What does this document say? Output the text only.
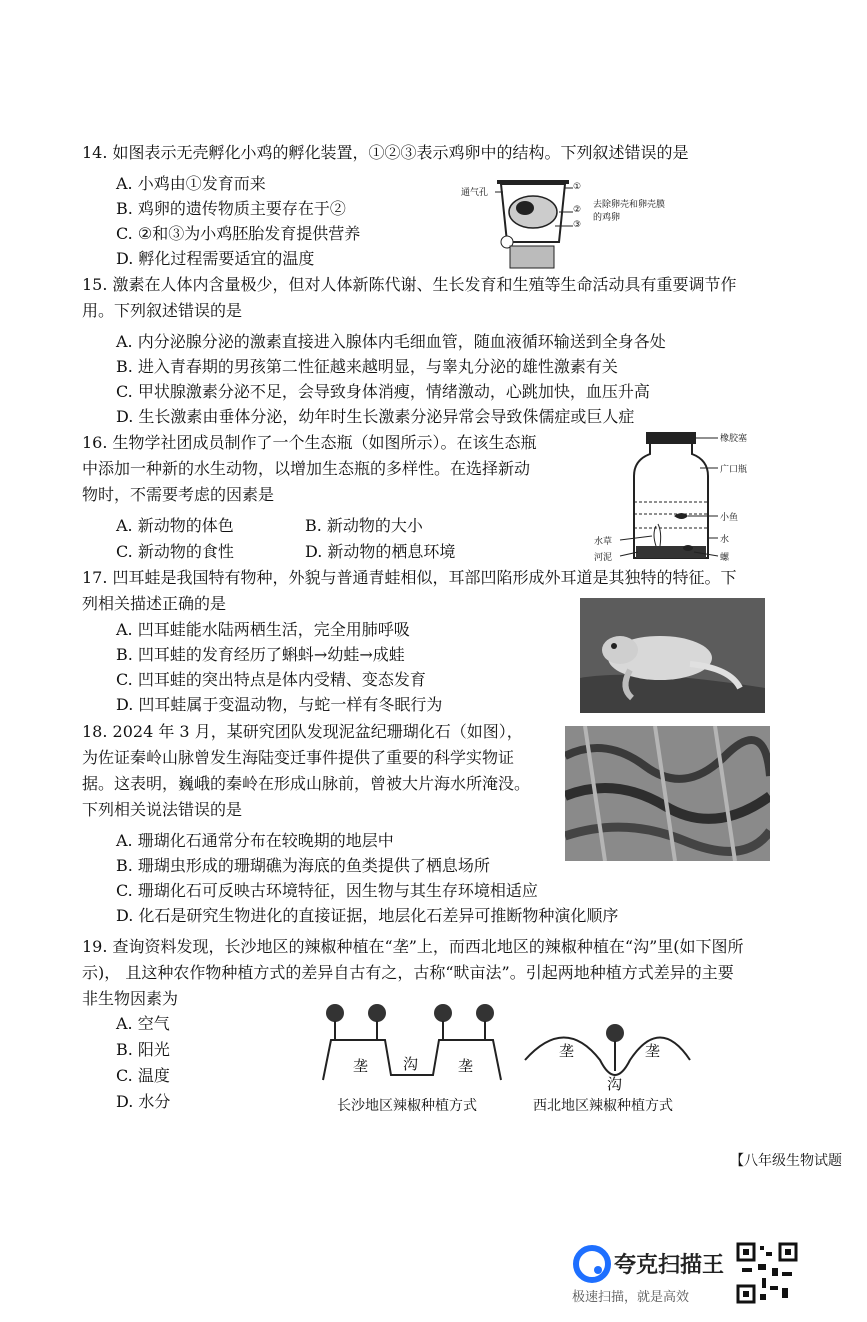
14. 如图表示无壳孵化小鸡的孵化装置，①②③表示鸡卵中的结构。下列叙述错误的是
A. 小鸡由①发育而来
B. 鸡卵的遗传物质主要存在于②
C. ②和③为小鸡胚胎发育提供营养
D. 孵化过程需要适宜的温度
通气孔
①
②
③
去除卵壳和卵壳膜
的鸡卵
15. 激素在人体内含量极少，但对人体新陈代谢、生长发育和生殖等生命活动具有重要调节作
用。下列叙述错误的是
A. 内分泌腺分泌的激素直接进入腺体内毛细血管，随血液循环输送到全身各处
B. 进入青春期的男孩第二性征越来越明显，与睾丸分泌的雄性激素有关
C. 甲状腺激素分泌不足，会导致身体消瘦，情绪激动，心跳加快，血压升高
D. 生长激素由垂体分泌，幼年时生长激素分泌异常会导致侏儒症或巨人症
16. 生物学社团成员制作了一个生态瓶（如图所示）。在该生态瓶
中添加一种新的水生动物，以增加生态瓶的多样性。在选择新动
物时，不需要考虑的因素是
A. 新动物的体色	B. 新动物的大小
C. 新动物的食性	D. 新动物的栖息环境
橡胶塞
广口瓶
小鱼
水
水草
螺
河泥
17. 凹耳蛙是我国特有物种，外貌与普通青蛙相似，耳部凹陷形成外耳道是其独特的特征。下
列相关描述正确的是
A. 凹耳蛙能水陆两栖生活，完全用肺呼吸
B. 凹耳蛙的发育经历了蝌蚪→幼蛙→成蛙
C. 凹耳蛙的突出特点是体内受精、变态发育
D. 凹耳蛙属于变温动物，与蛇一样有冬眠行为
18. 2024 年 3 月，某研究团队发现泥盆纪珊瑚化石（如图），
为佐证秦岭山脉曾发生海陆变迁事件提供了重要的科学实物证
据。这表明，巍峨的秦岭在形成山脉前，曾被大片海水所淹没。
下列相关说法错误的是
A. 珊瑚化石通常分布在较晚期的地层中
B. 珊瑚虫形成的珊瑚礁为海底的鱼类提供了栖息场所
C. 珊瑚化石可反映古环境特征，因生物与其生存环境相适应
D. 化石是研究生物进化的直接证据，地层化石差异可推断物种演化顺序
19. 查询资料发现，长沙地区的辣椒种植在“垄”上，而西北地区的辣椒种植在“沟”里(如下图所
示)， 且这种农作物种植方式的差异自古有之，古称“畎亩法”。引起两地种植方式差异的主要
非生物因素为
A. 空气
B. 阳光
C. 温度
D. 水分
垄 沟	垄
垄
沟
垄
长沙地区辣椒种植方式	西北地区辣椒种植方式
【八年级生物试题
夸克扫描王
极速扫描，就是高效
